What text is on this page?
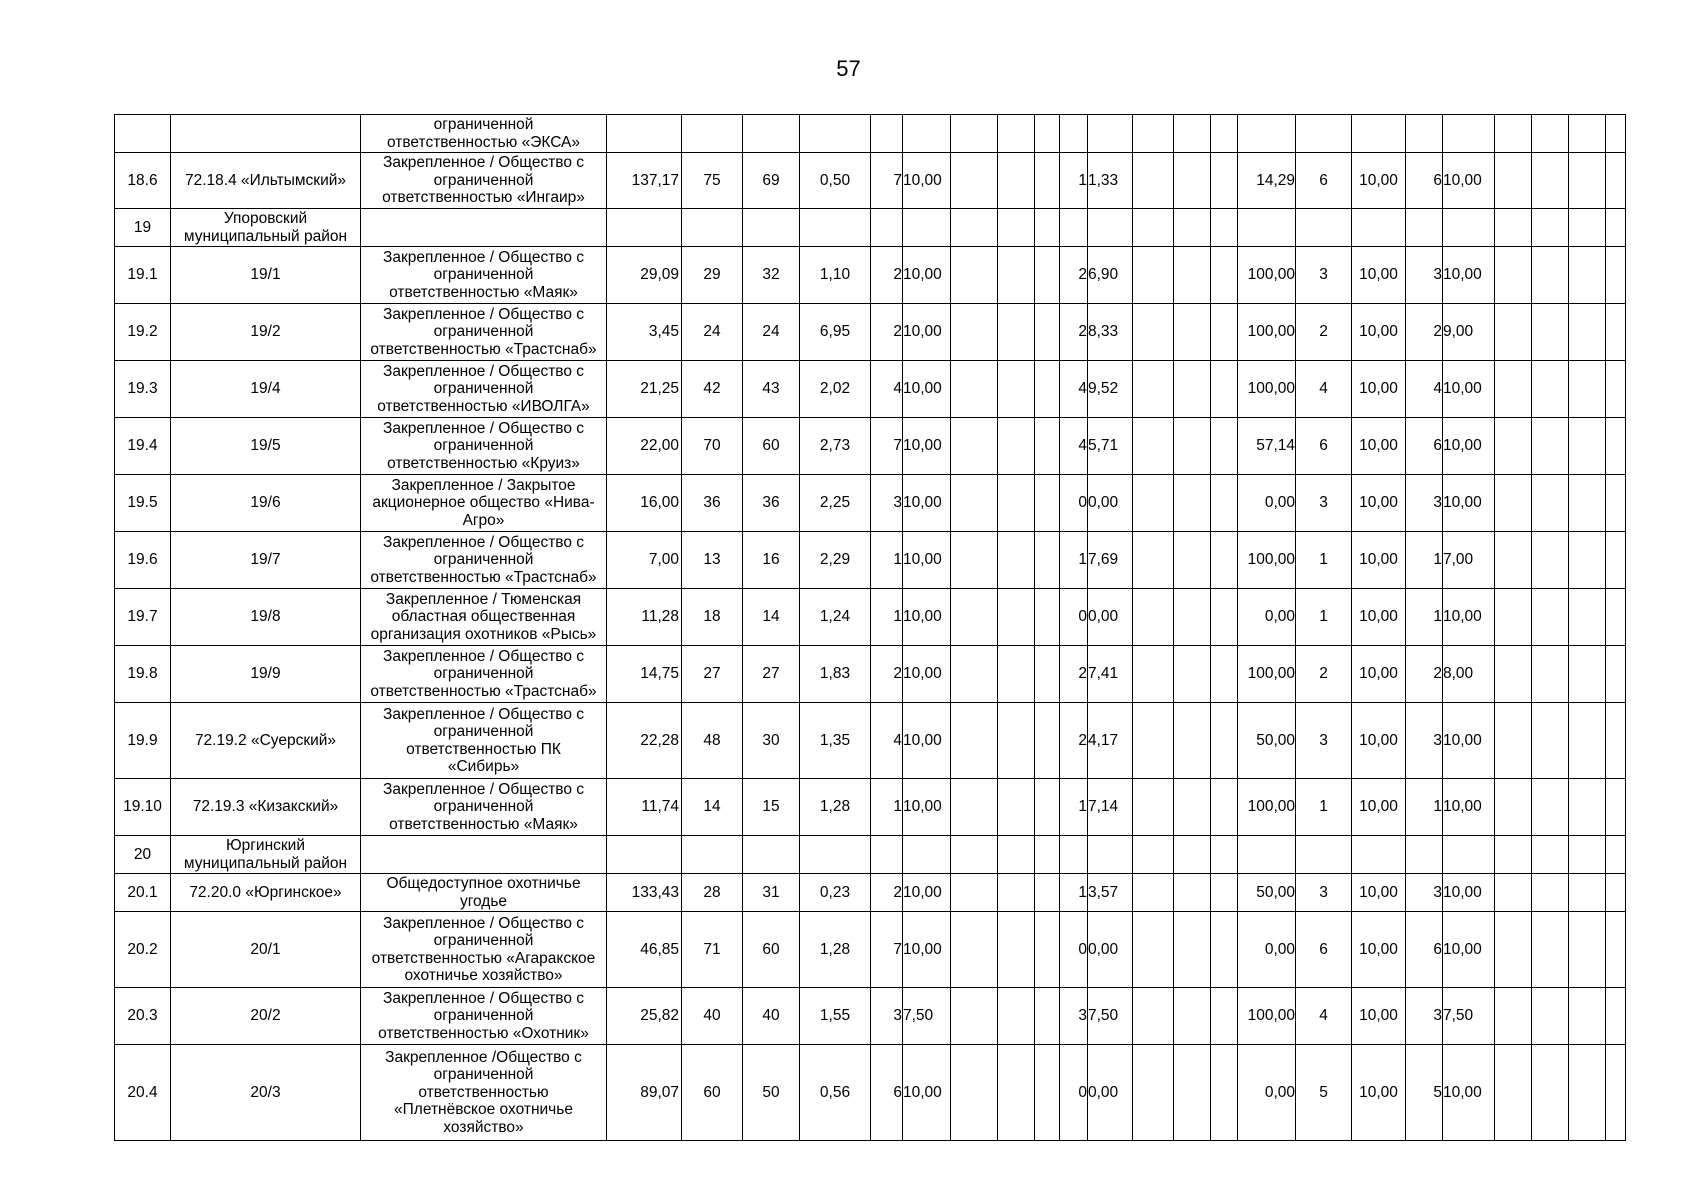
57
		ограниченной
ответственностью «ЭКСА»																							
18.6	72.18.4 «Ильтымский»	Закрепленное / Общество с
ограниченной
ответственностью «Ингаир»	137,17	75	69	0,50	7	10,00				1	1,33				14,29	6	10,00	6	10,00				
19	Упоровский
муниципальный район																								
19.1	19/1	Закрепленное / Общество с
ограниченной
ответственностью «Маяк»	29,09	29	32	1,10	2	10,00				2	6,90				100,00	3	10,00	3	10,00				
19.2	19/2	Закрепленное / Общество с
ограниченной
ответственностью «Трастснаб»	3,45	24	24	6,95	2	10,00				2	8,33				100,00	2	10,00	2	9,00				
19.3	19/4	Закрепленное / Общество с
ограниченной
ответственностью «ИВОЛГА»	21,25	42	43	2,02	4	10,00				4	9,52				100,00	4	10,00	4	10,00				
19.4	19/5	Закрепленное / Общество с
ограниченной
ответственностью «Круиз»	22,00	70	60	2,73	7	10,00				4	5,71				57,14	6	10,00	6	10,00				
19.5	19/6	Закрепленное / Закрытое
акционерное общество «Нива-
Агро»	16,00	36	36	2,25	3	10,00				0	0,00				0,00	3	10,00	3	10,00				
19.6	19/7	Закрепленное / Общество с
ограниченной
ответственностью «Трастснаб»	7,00	13	16	2,29	1	10,00				1	7,69				100,00	1	10,00	1	7,00				
19.7	19/8	Закрепленное / Тюменская
областная общественная
организация охотников «Рысь»	11,28	18	14	1,24	1	10,00				0	0,00				0,00	1	10,00	1	10,00				
19.8	19/9	Закрепленное / Общество с
ограниченной
ответственностью «Трастснаб»	14,75	27	27	1,83	2	10,00				2	7,41				100,00	2	10,00	2	8,00				
19.9	72.19.2 «Суерский»	Закрепленное / Общество с
ограниченной
ответственностью ПК
«Сибирь»	22,28	48	30	1,35	4	10,00				2	4,17				50,00	3	10,00	3	10,00				
19.10	72.19.3 «Кизакский»	Закрепленное / Общество с
ограниченной
ответственностью «Маяк»	11,74	14	15	1,28	1	10,00				1	7,14				100,00	1	10,00	1	10,00				
20	Юргинский
муниципальный район																								
20.1	72.20.0 «Юргинское»	Общедоступное охотничье
угодье	133,43	28	31	0,23	2	10,00				1	3,57				50,00	3	10,00	3	10,00				
20.2	20/1	Закрепленное / Общество с
ограниченной
ответственностью «Агаракское
охотничье хозяйство»	46,85	71	60	1,28	7	10,00				0	0,00				0,00	6	10,00	6	10,00				
20.3	20/2	Закрепленное / Общество с
ограниченной
ответственностью «Охотник»	25,82	40	40	1,55	3	7,50				3	7,50				100,00	4	10,00	3	7,50				
20.4	20/3	Закрепленное /Общество с
ограниченной
ответственностью
«Плетнёвское охотничье
хозяйство»	89,07	60	50	0,56	6	10,00				0	0,00				0,00	5	10,00	5	10,00				
